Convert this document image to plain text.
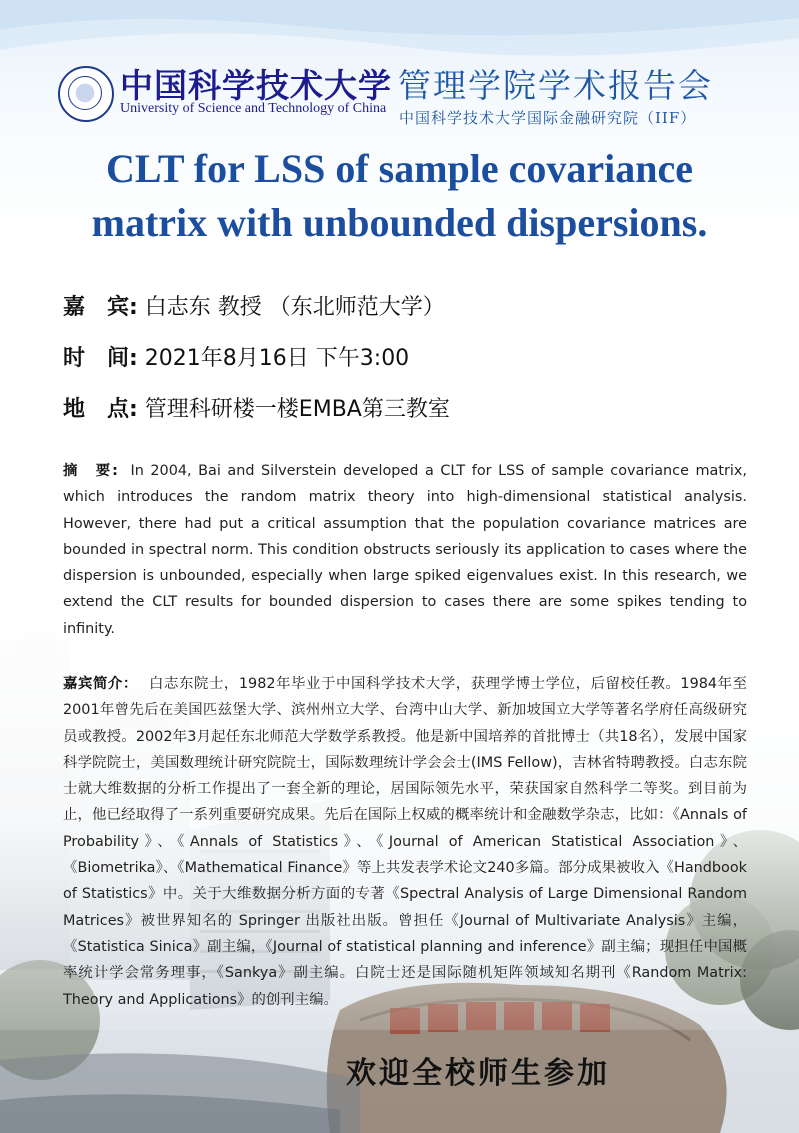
中国科学技术大学
University of Science and Technology of China
管理学院学术报告会
中国科学技术大学国际金融研究院（IIF）
CLT for LSS of sample covariance
matrix with unbounded dispersions.
嘉　宾: 白志东 教授 （东北师范大学）
时　间: 2021年8月16日 下午3:00
地　点: 管理科研楼一楼EMBA第三教室
摘　要: In 2004, Bai and Silverstein developed a CLT for LSS of sample covariance matrix, which introduces the random matrix theory into high-dimensional statistical analysis. However, there had put a critical assumption that the population covariance matrices are bounded in spectral norm. This condition obstructs seriously its application to cases where the dispersion is unbounded, especially when large spiked eigenvalues exist. In this research, we extend the CLT results for bounded dispersion to cases there are some spikes tending to infinity.
嘉宾简介： 白志东院士，1982年毕业于中国科学技术大学，获理学博士学位，后留校任教。1984年至2001年曾先后在美国匹兹堡大学、滨州州立大学、台湾中山大学、新加坡国立大学等著名学府任高级研究员或教授。2002年3月起任东北师范大学数学系教授。他是新中国培养的首批博士（共18名），发展中国家科学院院士，美国数理统计研究院院士，国际数理统计学会会士(IMS Fellow)，吉林省特聘教授。白志东院士就大维数据的分析工作提出了一套全新的理论，居国际领先水平，荣获国家自然科学二等奖。到目前为止，他已经取得了一系列重要研究成果。先后在国际上权威的概率统计和金融数学杂志，比如：《Annals of Probability》、《Annals of Statistics》、《Journal of American Statistical Association》、《Biometrika》、《Mathematical Finance》等上共发表学术论文240多篇。部分成果被收入《Handbook of Statistics》中。关于大维数据分析方面的专著《Spectral Analysis of Large Dimensional Random Matrices》被世界知名的 Springer 出版社出版。曾担任《Journal of Multivariate Analysis》主编，《Statistica Sinica》副主编，《Journal of statistical planning and inference》副主编；现担任中国概率统计学会常务理事，《Sankya》副主编。白院士还是国际随机矩阵领域知名期刊《Random Matrix: Theory and Applications》的创刊主编。
欢迎全校师生参加
